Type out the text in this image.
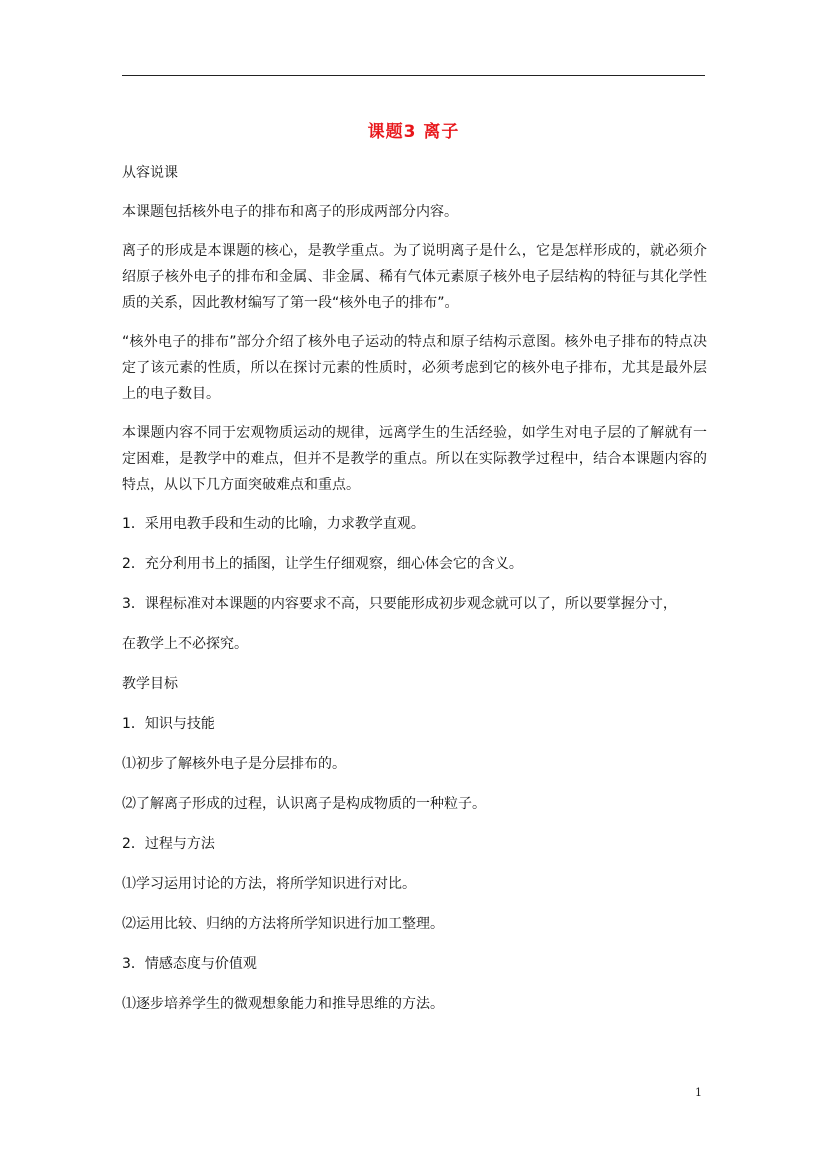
课题3 离子

从容说课

本课题包括核外电子的排布和离子的形成两部分内容。

离子的形成是本课题的核心，是教学重点。为了说明离子是什么，它是怎样形成的，就必须介绍原子核外电子的排布和金属、非金属、稀有气体元素原子核外电子层结构的特征与其化学性质的关系，因此教材编写了第一段“核外电子的排布”。

“核外电子的排布”部分介绍了核外电子运动的特点和原子结构示意图。核外电子排布的特点决定了该元素的性质，所以在探讨元素的性质时，必须考虑到它的核外电子排布，尤其是最外层上的电子数目。

本课题内容不同于宏观物质运动的规律，远离学生的生活经验，如学生对电子层的了解就有一定困难，是教学中的难点，但并不是教学的重点。所以在实际教学过程中，结合本课题内容的特点，从以下几方面突破难点和重点。

1．采用电教手段和生动的比喻，力求教学直观。

2．充分利用书上的插图，让学生仔细观察，细心体会它的含义。

3．课程标准对本课题的内容要求不高，只要能形成初步观念就可以了，所以要掌握分寸，

在教学上不必探究。

教学目标

1．知识与技能

⑴初步了解核外电子是分层排布的。

⑵了解离子形成的过程，认识离子是构成物质的一种粒子。

2．过程与方法

⑴学习运用讨论的方法，将所学知识进行对比。

⑵运用比较、归纳的方法将所学知识进行加工整理。

3．情感态度与价值观

⑴逐步培养学生的微观想象能力和推导思维的方法。

1
